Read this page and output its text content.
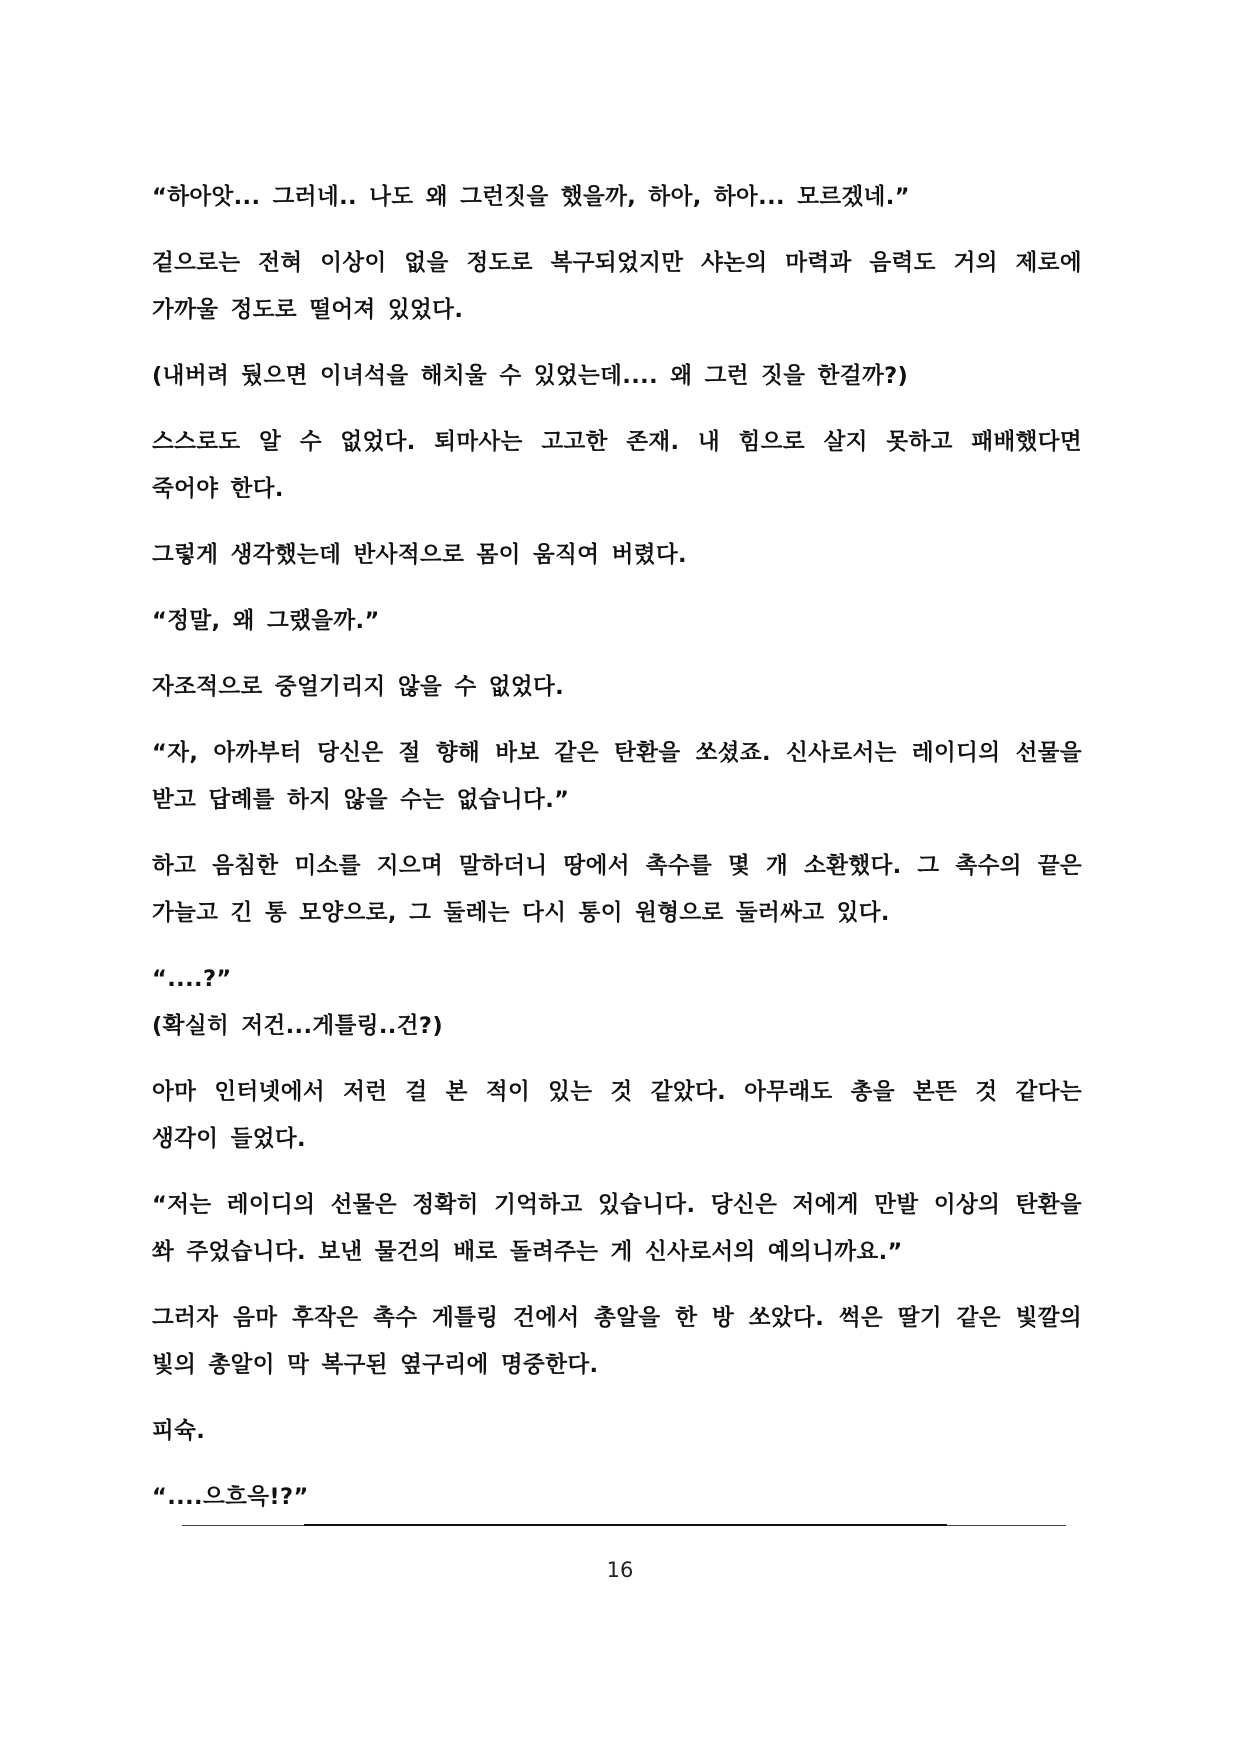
“하아앗... 그러네.. 나도 왜 그런짓을 했을까, 하아, 하아... 모르겠네.”

겉으로는 전혀 이상이 없을 정도로 복구되었지만 샤논의 마력과 음력도 거의 제로에 가까울 정도로 떨어져 있었다.

(내버려 뒀으면 이녀석을 해치울 수 있었는데.... 왜 그런 짓을 한걸까?)

스스로도 알 수 없었다. 퇴마사는 고고한 존재. 내 힘으로 살지 못하고 패배했다면 죽어야 한다.

그렇게 생각했는데 반사적으로 몸이 움직여 버렸다.

“정말, 왜 그랬을까.”

자조적으로 중얼기리지 않을 수 없었다.

“자, 아까부터 당신은 절 향해 바보 같은 탄환을 쏘셨죠. 신사로서는 레이디의 선물을 받고 답례를 하지 않을 수는 없습니다.”

하고 음침한 미소를 지으며 말하더니 땅에서 촉수를 몇 개 소환했다. 그 촉수의 끝은 가늘고 긴 통 모양으로, 그 둘레는 다시 통이 원형으로 둘러싸고 있다.

“....?”

(확실히 저건...게틀링..건?)

아마 인터넷에서 저런 걸 본 적이 있는 것 같았다. 아무래도 총을 본뜬 것 같다는 생각이 들었다.

“저는 레이디의 선물은 정확히 기억하고 있습니다. 당신은 저에게 만발 이상의 탄환을 쏴 주었습니다. 보낸 물건의 배로 돌려주는 게 신사로서의 예의니까요.”

그러자 음마 후작은 촉수 게틀링 건에서 총알을 한 방 쏘았다. 썩은 딸기 같은 빛깔의 빛의 총알이 막 복구된 옆구리에 명중한다.

피슉.

“....으흐윽!?”

16
